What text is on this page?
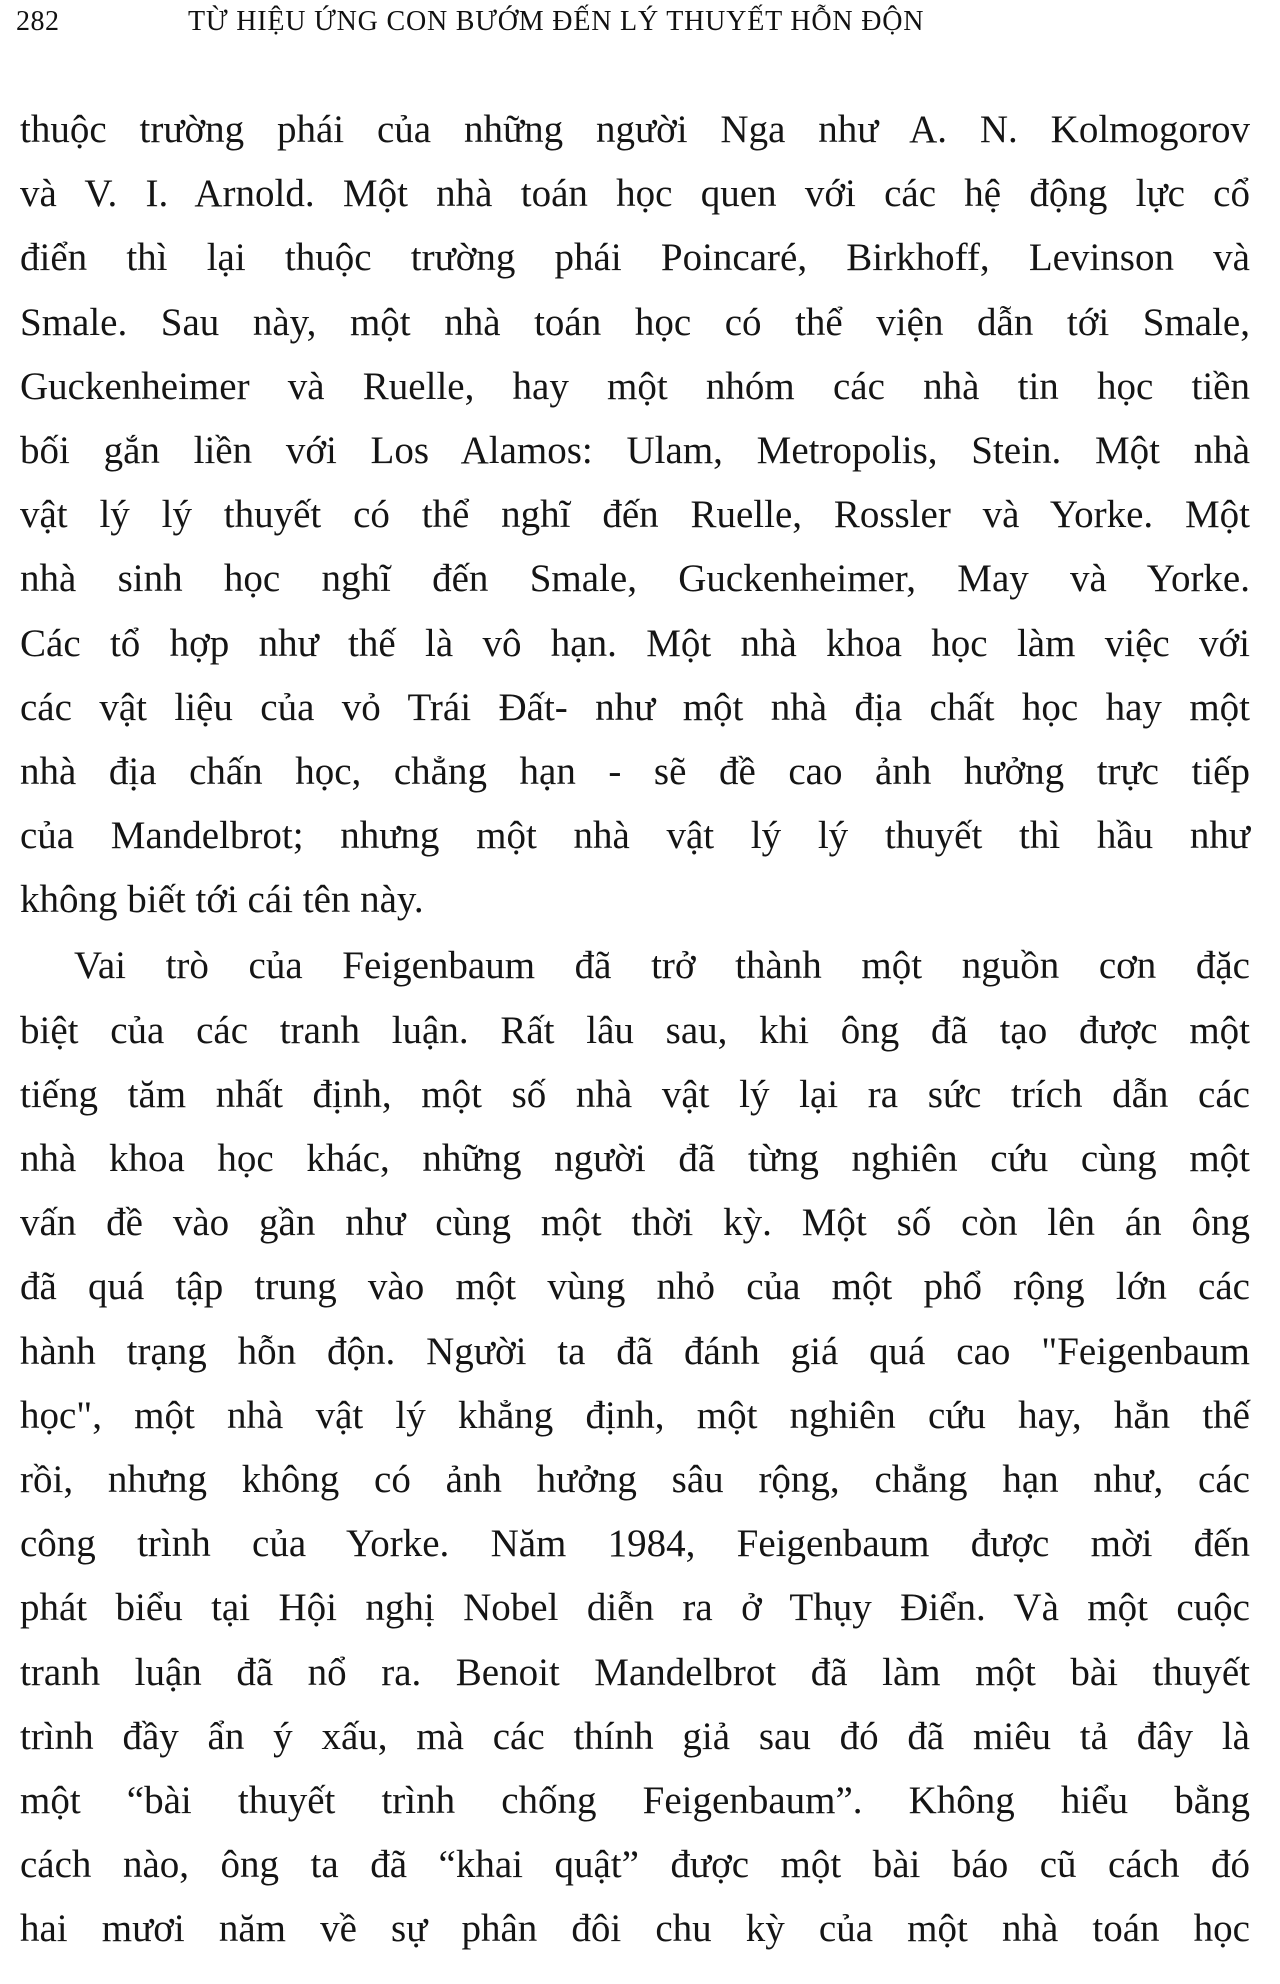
282	TỪ HIỆU ỨNG CON BƯỚM ĐẾN LÝ THUYẾT HỖN ĐỘN
thuộc trường phái của những người Nga như A. N. Kolmogorov
và V. I. Arnold. Một nhà toán học quen với các hệ động lực cổ
điển thì lại thuộc trường phái Poincaré, Birkhoff, Levinson và
Smale. Sau này, một nhà toán học có thể viện dẫn tới Smale,
Guckenheimer và Ruelle, hay một nhóm các nhà tin học tiền
bối gắn liền với Los Alamos: Ulam, Metropolis, Stein. Một nhà
vật lý lý thuyết có thể nghĩ đến Ruelle, Rossler và Yorke. Một
nhà sinh học nghĩ đến Smale, Guckenheimer, May và Yorke.
Các tổ hợp như thế là vô hạn. Một nhà khoa học làm việc với
các vật liệu của vỏ Trái Đất- như một nhà địa chất học hay một
nhà địa chấn học, chẳng hạn - sẽ đề cao ảnh hưởng trực tiếp
của Mandelbrot; nhưng một nhà vật lý lý thuyết thì hầu như
không biết tới cái tên này.
Vai trò của Feigenbaum đã trở thành một nguồn cơn đặc
biệt của các tranh luận. Rất lâu sau, khi ông đã tạo được một
tiếng tăm nhất định, một số nhà vật lý lại ra sức trích dẫn các
nhà khoa học khác, những người đã từng nghiên cứu cùng một
vấn đề vào gần như cùng một thời kỳ. Một số còn lên án ông
đã quá tập trung vào một vùng nhỏ của một phổ rộng lớn các
hành trạng hỗn độn. Người ta đã đánh giá quá cao "Feigenbaum
học", một nhà vật lý khẳng định, một nghiên cứu hay, hẳn thế
rồi, nhưng không có ảnh hưởng sâu rộng, chẳng hạn như, các
công trình của Yorke. Năm 1984, Feigenbaum được mời đến
phát biểu tại Hội nghị Nobel diễn ra ở Thụy Điển. Và một cuộc
tranh luận đã nổ ra. Benoit Mandelbrot đã làm một bài thuyết
trình đầy ẩn ý xấu, mà các thính giả sau đó đã miêu tả đây là
một “bài thuyết trình chống Feigenbaum”. Không hiểu bằng
cách nào, ông ta đã “khai quật” được một bài báo cũ cách đó
hai mươi năm về sự phân đôi chu kỳ của một nhà toán học
